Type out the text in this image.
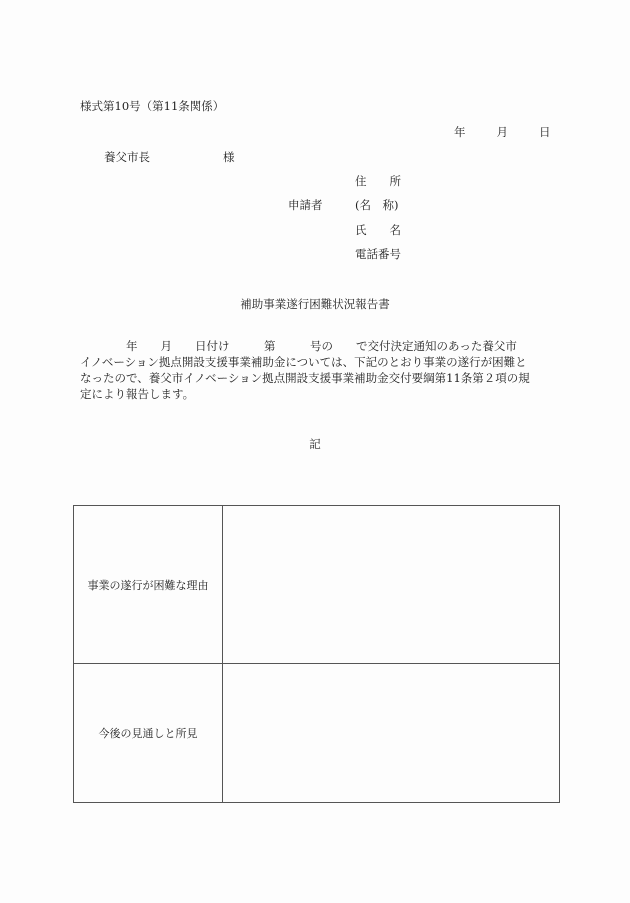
様式第10号（第11条関係）
年	月	日
養父市長	様
申請者
住　　所
(名　称)
氏　　名
電話番号
補助事業遂行困難状況報告書

　　　　年　　月　　日付け　　　第　　　号の　　で交付決定通知のあった養父市

イノベーション拠点開設支援事業補助金については、下記のとおり事業の遂行が困難と

なったので、養父市イノベーション拠点開設支援事業補助金交付要綱第11条第２項の規

定により報告します。

記
事業の遂行が困難な理由	
今後の見通しと所見	
